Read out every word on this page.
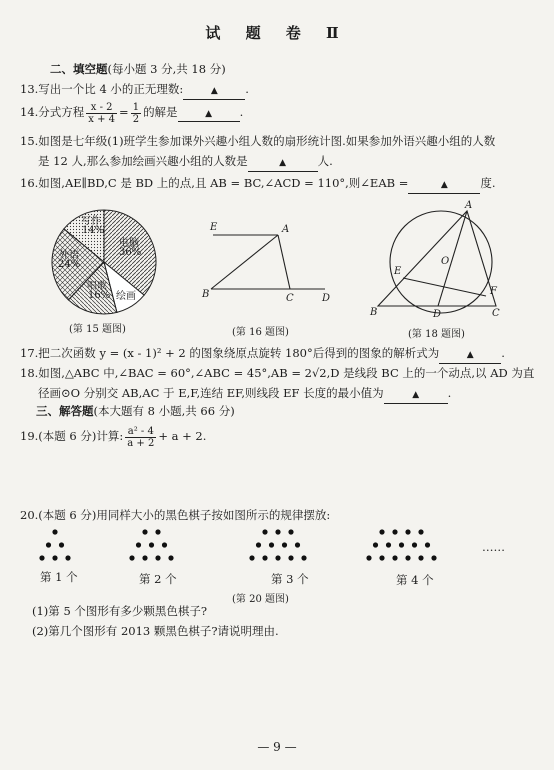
试 题 卷 Ⅱ
二、填空题(每小题 3 分,共 18 分)
13.写出一个比 4 小的正无理数:	▲ .
14.分式方程 $\frac{x - 2}{x + 4} = \frac{1}{2}$ 的解是	▲ .
15.如图是七年级(1)班学生参加课外兴趣小组人数的扇形统计图.如果参加外语兴趣小组的人数
是 12 人,那么参加绘画兴趣小组的人数是	▲	人.
16.如图,AE∥BD,C 是 BD 上的点,且 AB = BC,∠ACD = 110°,则∠EAB =	▲	度.
写作
14%
电脑
36%
外语
24%
唱歌
16% 绘画
(第 15 题图)
E	A
B	C	D
(第 16 题图)
A
E
O
F
B	D	C
(第 18 题图)
17.把二次函数 y = (x - 1)² + 2 的图象绕原点旋转 180°后得到的图象的解析式为	▲ .
18.如图,△ABC 中,∠BAC = 60°,∠ABC = 45°,AB = 2√2,D 是线段 BC 上的一个动点,以 AD 为直
径画⊙O 分别交 AB,AC 于 E,F,连结 EF,则线段 EF 长度的最小值为	▲ .
三、解答题(本大题有 8 小题,共 66 分)
19.(本题 6 分)计算: $\frac{\text{a² - 4}}{a + 2} + a + 2$.
20.(本题 6 分)用同样大小的黑色棋子按如图所示的规律摆放:
……
第 1 个	第 2 个	第 3 个	第 4 个
(第 20 题图)
(1)第 5 个图形有多少颗黑色棋子?
(2)第几个图形有 2013 颗黑色棋子?请说明理由.
— 9 —
